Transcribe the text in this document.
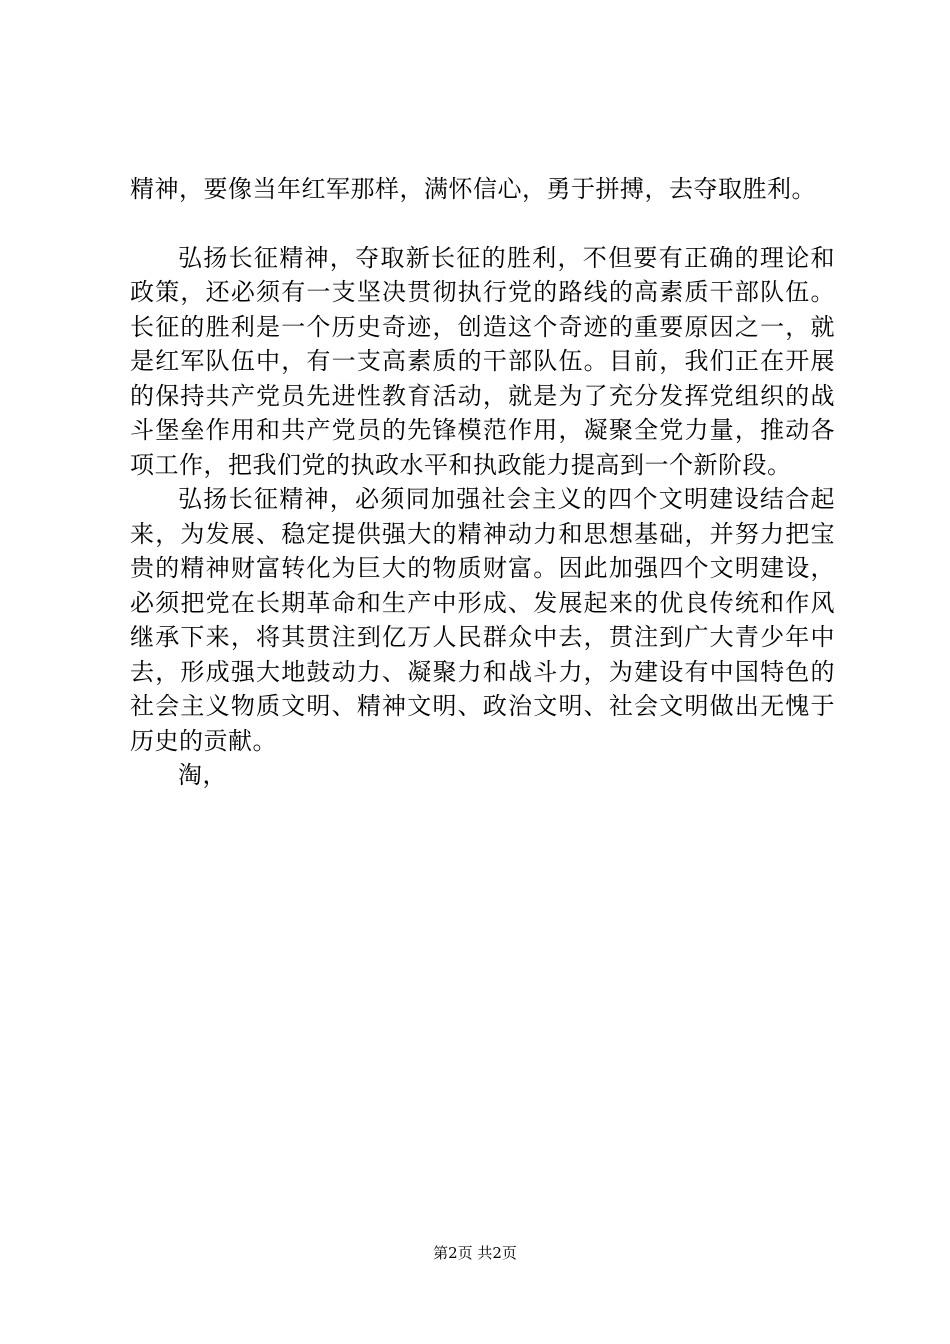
精神，要像当年红军那样，满怀信心，勇于拼搏，去夺取胜利。

弘扬长征精神，夺取新长征的胜利，不但要有正确的理论和政策，还必须有一支坚决贯彻执行党的路线的高素质干部队伍。长征的胜利是一个历史奇迹，创造这个奇迹的重要原因之一，就是红军队伍中，有一支高素质的干部队伍。目前，我们正在开展的保持共产党员先进性教育活动，就是为了充分发挥党组织的战斗堡垒作用和共产党员的先锋模范作用，凝聚全党力量，推动各项工作，把我们党的执政水平和执政能力提高到一个新阶段。

弘扬长征精神，必须同加强社会主义的四个文明建设结合起来，为发展、稳定提供强大的精神动力和思想基础，并努力把宝贵的精神财富转化为巨大的物质财富。因此加强四个文明建设，必须把党在长期革命和生产中形成、发展起来的优良传统和作风继承下来，将其贯注到亿万人民群众中去，贯注到广大青少年中去，形成强大地鼓动力、凝聚力和战斗力，为建设有中国特色的社会主义物质文明、精神文明、政治文明、社会文明做出无愧于历史的贡献。

淘，

第2页 共2页
